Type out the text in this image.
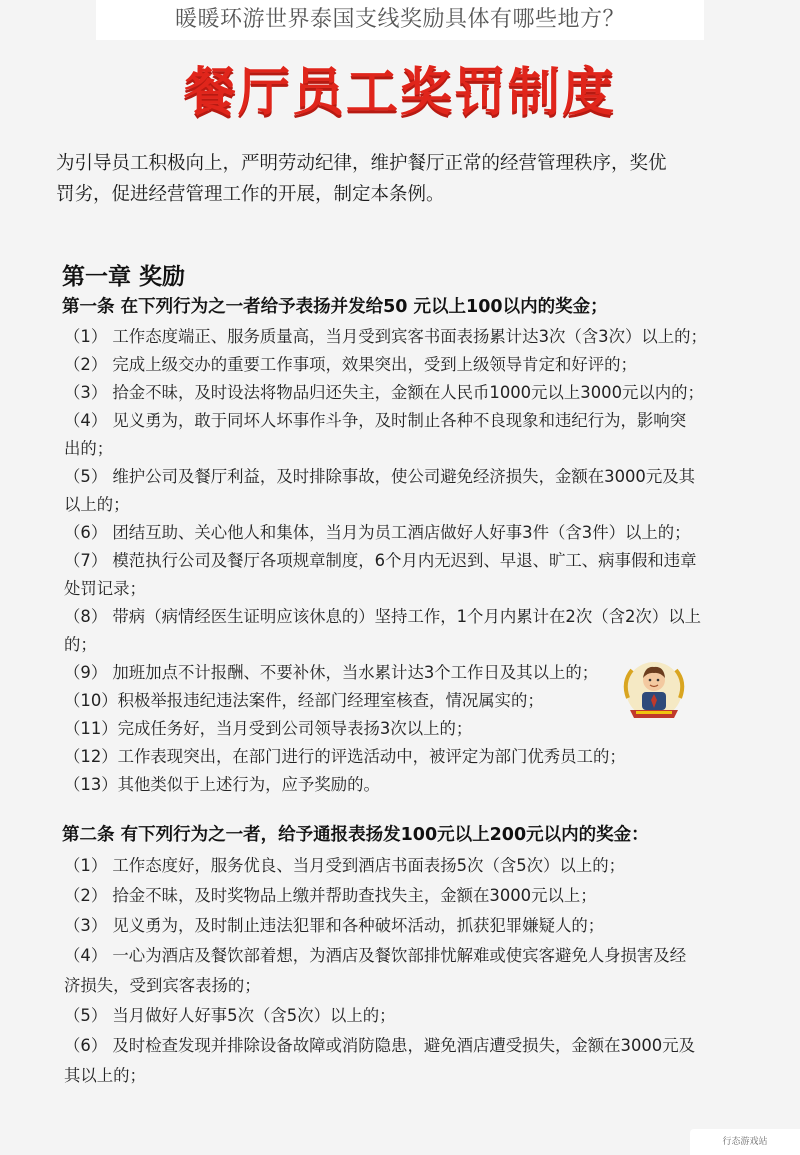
暖暖环游世界泰国支线奖励具体有哪些地方？
餐厅员工奖罚制度
为引导员工积极向上，严明劳动纪律，维护餐厅正常的经营管理秩序，奖优
罚劣，促进经营管理工作的开展，制定本条例。
第一章 奖励
第一条 在下列行为之一者给予表扬并发给50 元以上100以内的奖金；
（1） 工作态度端正、服务质量高，当月受到宾客书面表扬累计达3次（含3次）以上的；
（2） 完成上级交办的重要工作事项，效果突出，受到上级领导肯定和好评的；
（3） 拾金不昧，及时设法将物品归还失主，金额在人民币1000元以上3000元以内的；
（4） 见义勇为，敢于同坏人坏事作斗争，及时制止各种不良现象和违纪行为，影响突
出的；
（5） 维护公司及餐厅利益，及时排除事故，使公司避免经济损失，金额在3000元及其
以上的；
（6） 团结互助、关心他人和集体，当月为员工酒店做好人好事3件（含3件）以上的；
（7） 模范执行公司及餐厅各项规章制度，6个月内无迟到、早退、旷工、病事假和违章
处罚记录；
（8） 带病（病情经医生证明应该休息的）坚持工作，1个月内累计在2次（含2次）以上
的；
（9） 加班加点不计报酬、不要补休，当水累计达3个工作日及其以上的；
（10）积极举报违纪违法案件，经部门经理室核查，情况属实的；
（11）完成任务好，当月受到公司领导表扬3次以上的；
（12）工作表现突出，在部门进行的评选活动中，被评定为部门优秀员工的；
（13）其他类似于上述行为，应予奖励的。
第二条 有下列行为之一者，给予通报表扬发100元以上200元以内的奖金：
（1） 工作态度好，服务优良、当月受到酒店书面表扬5次（含5次）以上的；
（2） 拾金不昧，及时奖物品上缴并帮助查找失主，金额在3000元以上；
（3） 见义勇为，及时制止违法犯罪和各种破坏活动，抓获犯罪嫌疑人的；
（4） 一心为酒店及餐饮部着想，为酒店及餐饮部排忧解难或使宾客避免人身损害及经
济损失，受到宾客表扬的；
（5） 当月做好人好事5次（含5次）以上的；
（6） 及时检查发现并排除设备故障或消防隐患，避免酒店遭受损失，金额在3000元及
其以上的；
行态游戏站
